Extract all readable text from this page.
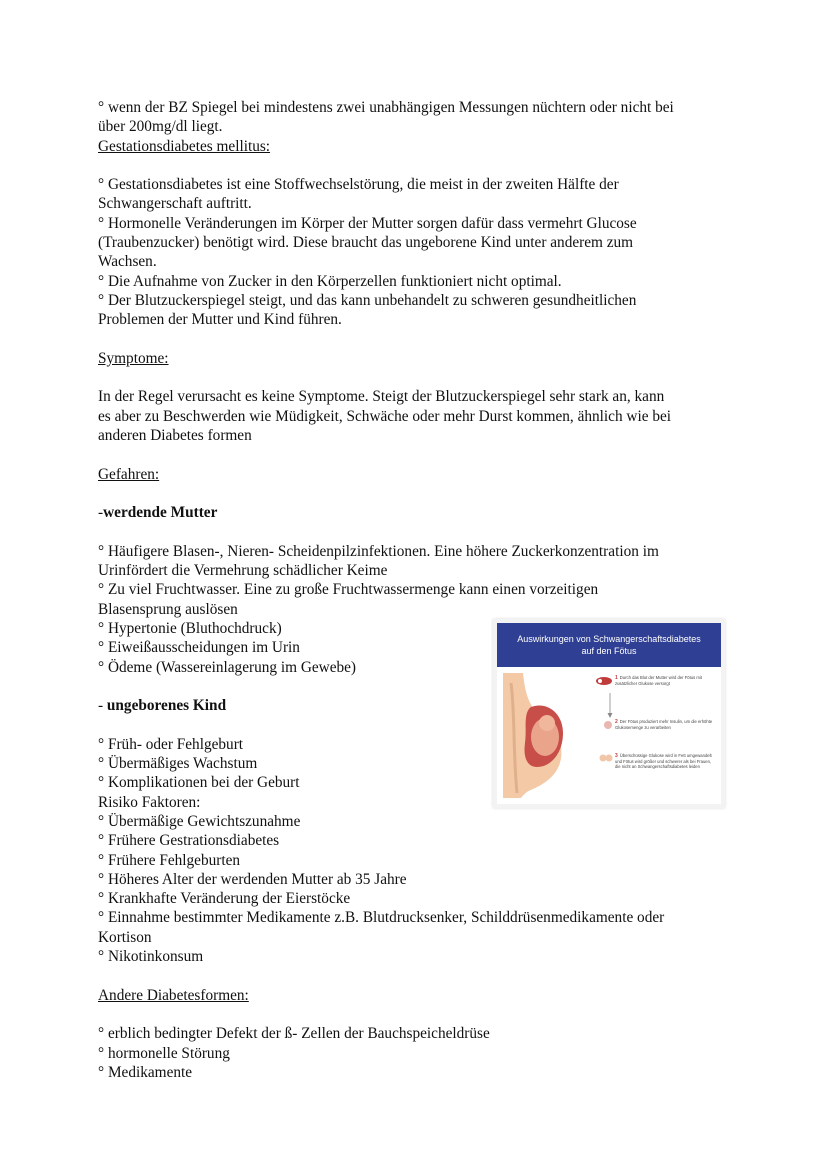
° wenn der BZ Spiegel bei mindestens zwei unabhängigen Messungen nüchtern oder nicht bei
über 200mg/dl liegt.
Gestationsdiabetes mellitus:
° Gestationsdiabetes ist eine Stoffwechselstörung, die meist in der zweiten Hälfte der
Schwangerschaft auftritt.
° Hormonelle Veränderungen im Körper der Mutter sorgen dafür dass vermehrt Glucose
(Traubenzucker) benötigt wird. Diese braucht das ungeborene Kind unter anderem zum
Wachsen.
° Die Aufnahme von Zucker in den Körperzellen funktioniert nicht optimal.
° Der Blutzuckerspiegel steigt, und das kann unbehandelt zu schweren gesundheitlichen
Problemen der Mutter und Kind führen.
Symptome:
In der Regel verursacht es keine Symptome. Steigt der Blutzuckerspiegel sehr stark an, kann
es aber zu Beschwerden wie Müdigkeit, Schwäche oder mehr Durst kommen, ähnlich wie bei
anderen Diabetes formen
Gefahren:
-werdende Mutter
° Häufigere Blasen-, Nieren- Scheidenpilzinfektionen. Eine höhere Zuckerkonzentration im
Urinfördert die Vermehrung schädlicher Keime
° Zu viel Fruchtwasser. Eine zu große Fruchtwassermenge kann einen vorzeitigen
Blasensprung auslösen
° Hypertonie (Bluthochdruck)
° Eiweißausscheidungen im Urin
° Ödeme (Wassereinlagerung im Gewebe)
- ungeborenes Kind
° Früh- oder Fehlgeburt
° Übermäßiges Wachstum
° Komplikationen bei der Geburt
Risiko Faktoren:
° Übermäßige Gewichtszunahme
° Frühere Gestrationsdiabetes
° Frühere Fehlgeburten
° Höheres Alter der werdenden Mutter ab 35 Jahre
° Krankhafte Veränderung der Eierstöcke
° Einnahme bestimmter Medikamente z.B. Blutdrucksenker, Schilddrüsenmedikamente oder
Kortison
° Nikotinkonsum
Andere Diabetesformen:
° erblich bedingter Defekt der ß- Zellen der Bauchspeicheldrüse
° hormonelle Störung
° Medikamente
Auswirkungen von Schwangerschaftsdiabetes
auf den Fötus
1 Durch das Blut der Mutter wird der Fötus mit zusätzlicher Glukose versorgt
2 Der Fötus produziert mehr Insulin, um die erhöhte Glukosemenge zu verarbeiten
3 Überschüssige Glukose wird in Fett umgewandelt und Fötus wird größer und schwerer als bei Frauen, die nicht an Schwangerschaftsdiabetes leiden
